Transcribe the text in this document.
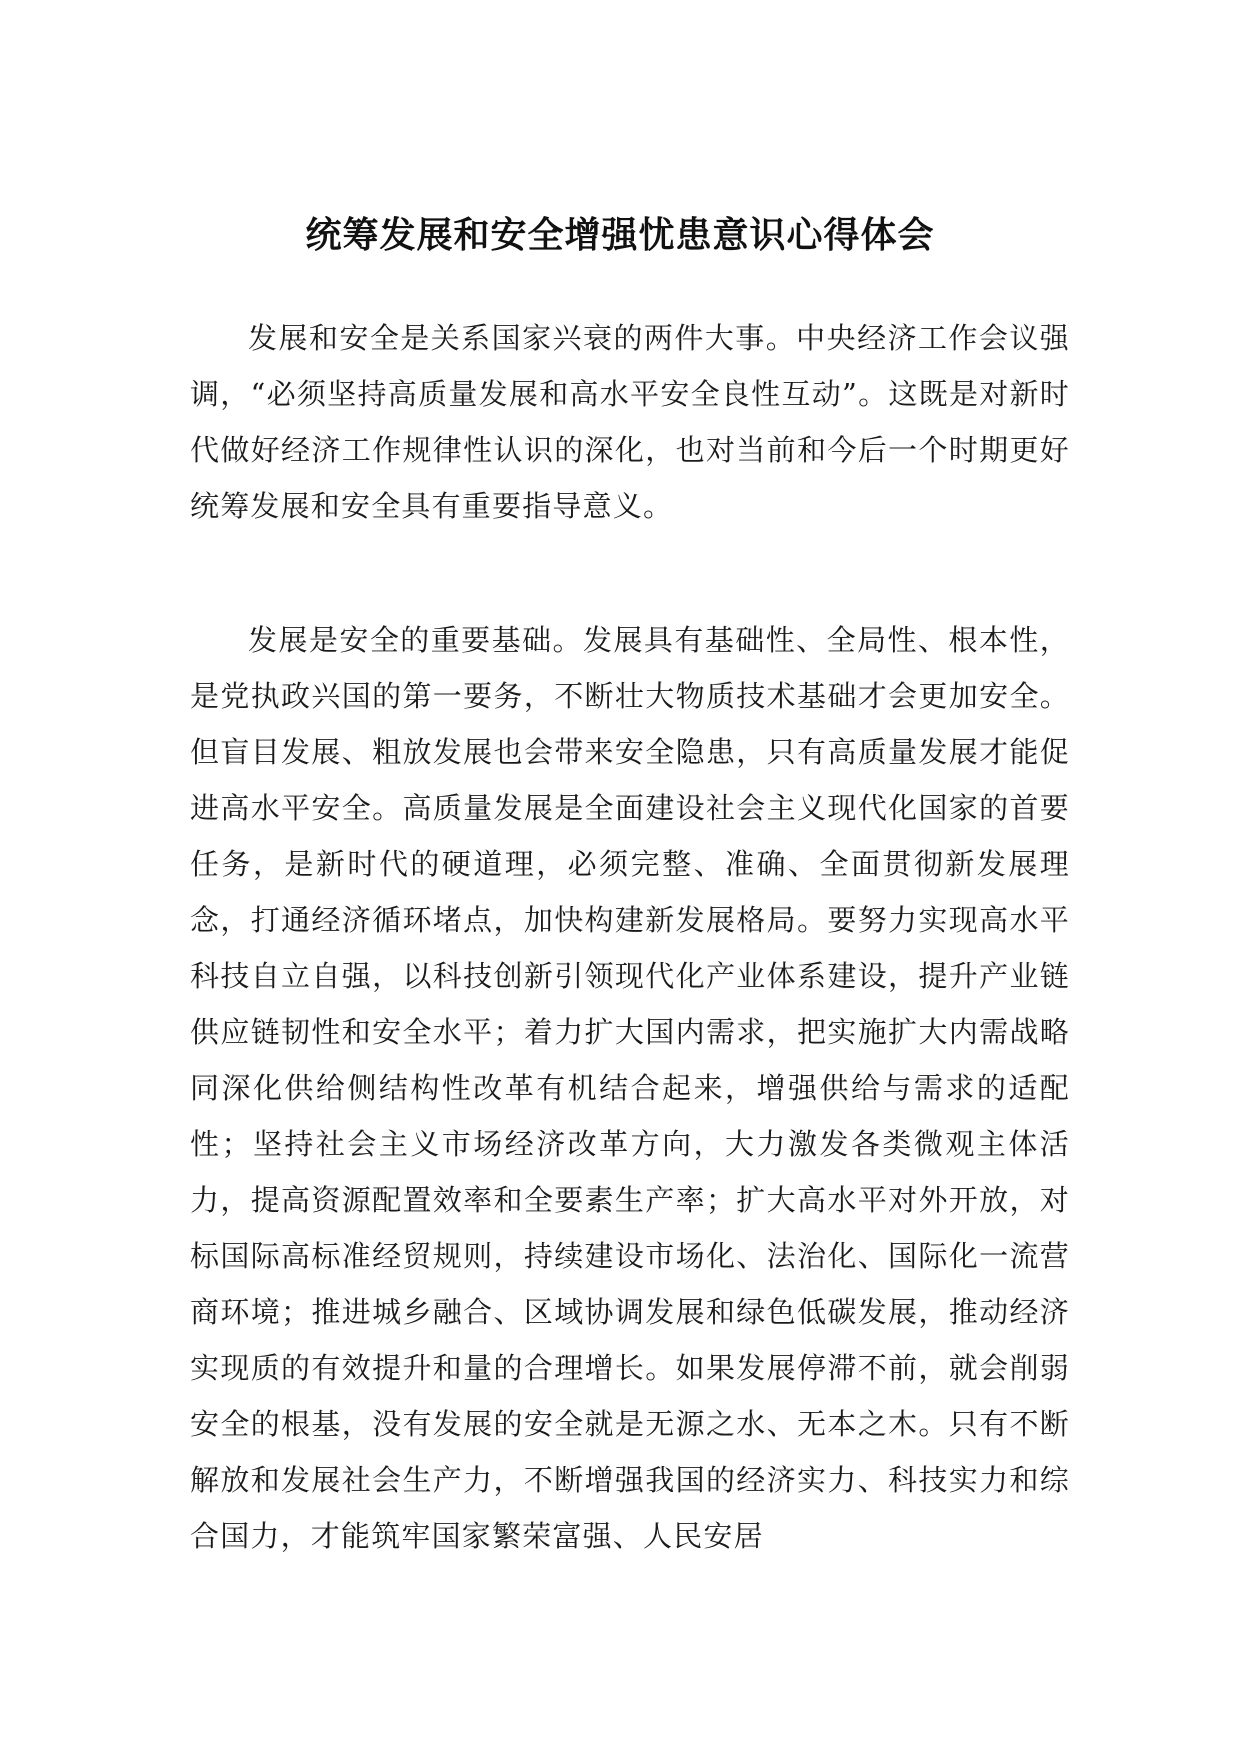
统筹发展和安全增强忧患意识心得体会

发展和安全是关系国家兴衰的两件大事。中央经济工作会议强调，“必须坚持高质量发展和高水平安全良性互动”。这既是对新时代做好经济工作规律性认识的深化，也对当前和今后一个时期更好统筹发展和安全具有重要指导意义。

发展是安全的重要基础。发展具有基础性、全局性、根本性，是党执政兴国的第一要务，不断壮大物质技术基础才会更加安全。但盲目发展、粗放发展也会带来安全隐患，只有高质量发展才能促进高水平安全。高质量发展是全面建设社会主义现代化国家的首要任务，是新时代的硬道理，必须完整、准确、全面贯彻新发展理念，打通经济循环堵点，加快构建新发展格局。要努力实现高水平科技自立自强，以科技创新引领现代化产业体系建设，提升产业链供应链韧性和安全水平；着力扩大国内需求，把实施扩大内需战略同深化供给侧结构性改革有机结合起来，增强供给与需求的适配性；坚持社会主义市场经济改革方向，大力激发各类微观主体活力，提高资源配置效率和全要素生产率；扩大高水平对外开放，对标国际高标准经贸规则，持续建设市场化、法治化、国际化一流营商环境；推进城乡融合、区域协调发展和绿色低碳发展，推动经济实现质的有效提升和量的合理增长。如果发展停滞不前，就会削弱安全的根基，没有发展的安全就是无源之水、无本之木。只有不断解放和发展社会生产力，不断增强我国的经济实力、科技实力和综合国力，才能筑牢国家繁荣富强、人民安居
